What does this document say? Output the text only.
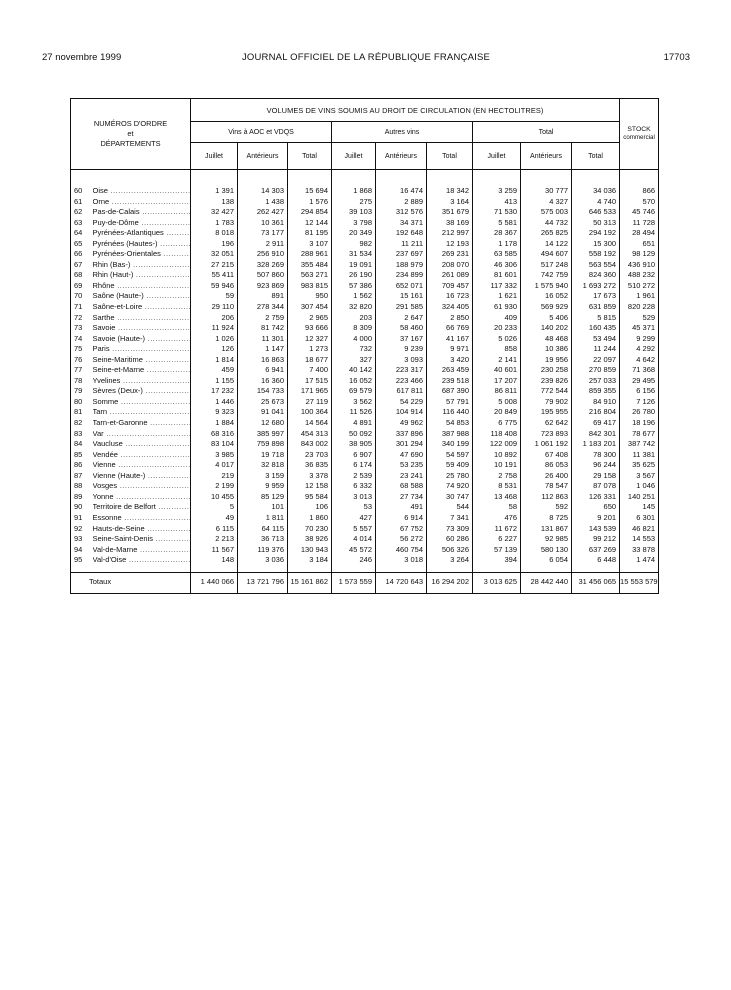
27 novembre 1999	JOURNAL OFFICIEL DE LA RÉPUBLIQUE FRANÇAISE	17703
NUMÉROS D'ORDRE
et
DÉPARTEMENTS		VOLUMES DE VINS SOUMIS AU DROIT DE CIRCULATION (EN HECTOLITRES)									STOCK
commercial
		Vins à AOC et VDQS			Autres vins			Total			
		Juillet	Antérieurs	Total	Juillet	Antérieurs	Total	Juillet	Antérieurs	Total	

60	Oise .....	1 391	14 303	15 694	1 868	16 474	18 342	3 259	30 777	34 036	866
61	Orne .....	138	1 438	1 576	275	2 889	3 164	413	4 327	4 740	570
62	Pas-de-Calais .....	32 427	262 427	294 854	39 103	312 576	351 679	71 530	575 003	646 533	45 746
63	Puy-de-Dôme .....	1 783	10 361	12 144	3 798	34 371	38 169	5 581	44 732	50 313	11 728
64	Pyrénées-Atlantiques .....	8 018	73 177	81 195	20 349	192 648	212 997	28 367	265 825	294 192	28 494
65	Pyrénées (Hautes-) .....	196	2 911	3 107	982	11 211	12 193	1 178	14 122	15 300	651
66	Pyrénées-Orientales .....	32 051	256 910	288 961	31 534	237 697	269 231	63 585	494 607	558 192	98 129
67	Rhin (Bas-) .....	27 215	328 269	355 484	19 091	188 979	208 070	46 306	517 248	563 554	436 910
68	Rhin (Haut-) .....	55 411	507 860	563 271	26 190	234 899	261 089	81 601	742 759	824 360	488 232
69	Rhône .....	59 946	923 869	983 815	57 386	652 071	709 457	117 332	1 575 940	1 693 272	510 272
70	Saône (Haute-) .....	59	891	950	1 562	15 161	16 723	1 621	16 052	17 673	1 961
71	Saône-et-Loire .....	29 110	278 344	307 454	32 820	291 585	324 405	61 930	569 929	631 859	820 228
72	Sarthe .....	206	2 759	2 965	203	2 647	2 850	409	5 406	5 815	529
73	Savoie .....	11 924	81 742	93 666	8 309	58 460	66 769	20 233	140 202	160 435	45 371
74	Savoie (Haute-) .....	1 026	11 301	12 327	4 000	37 167	41 167	5 026	48 468	53 494	9 299
75	Paris .....	126	1 147	1 273	732	9 239	9 971	858	10 386	11 244	4 292
76	Seine-Maritime .....	1 814	16 863	18 677	327	3 093	3 420	2 141	19 956	22 097	4 642
77	Seine-et-Marne .....	459	6 941	7 400	40 142	223 317	263 459	40 601	230 258	270 859	71 368
78	Yvelines .....	1 155	16 360	17 515	16 052	223 466	239 518	17 207	239 826	257 033	29 495
79	Sèvres (Deux-) .....	17 232	154 733	171 965	69 579	617 811	687 390	86 811	772 544	859 355	6 156
80	Somme .....	1 446	25 673	27 119	3 562	54 229	57 791	5 008	79 902	84 910	7 126
81	Tarn .....	9 323	91 041	100 364	11 526	104 914	116 440	20 849	195 955	216 804	26 780
82	Tarn-et-Garonne .....	1 884	12 680	14 564	4 891	49 962	54 853	6 775	62 642	69 417	18 196
83	Var .....	68 316	385 997	454 313	50 092	337 896	387 988	118 408	723 893	842 301	78 677
84	Vaucluse .....	83 104	759 898	843 002	38 905	301 294	340 199	122 009	1 061 192	1 183 201	387 742
85	Vendée .....	3 985	19 718	23 703	6 907	47 690	54 597	10 892	67 408	78 300	11 381
86	Vienne .....	4 017	32 818	36 835	6 174	53 235	59 409	10 191	86 053	96 244	35 625
87	Vienne (Haute-) .....	219	3 159	3 378	2 539	23 241	25 780	2 758	26 400	29 158	3 567
88	Vosges .....	2 199	9 959	12 158	6 332	68 588	74 920	8 531	78 547	87 078	1 046
89	Yonne .....	10 455	85 129	95 584	3 013	27 734	30 747	13 468	112 863	126 331	140 251
90	Territoire de Belfort .....	5	101	106	53	491	544	58	592	650	145
91	Essonne .....	49	1 811	1 860	427	6 914	7 341	476	8 725	9 201	6 301
92	Hauts-de-Seine .....	6 115	64 115	70 230	5 557	67 752	73 309	11 672	131 867	143 539	46 821
93	Seine-Saint-Denis .....	2 213	36 713	38 926	4 014	56 272	60 286	6 227	92 985	99 212	14 553
94	Val-de-Marne .....	11 567	119 376	130 943	45 572	460 754	506 326	57 139	580 130	637 269	33 878
95	Val-d'Oise .....	148	3 036	3 184	246	3 018	3 264	394	6 054	6 448	1 474

Totaux		1 440 066	13 721 796	15 161 862	1 573 559	14 720 643	16 294 202	3 013 625	28 442 440	31 456 065	15 553 579
